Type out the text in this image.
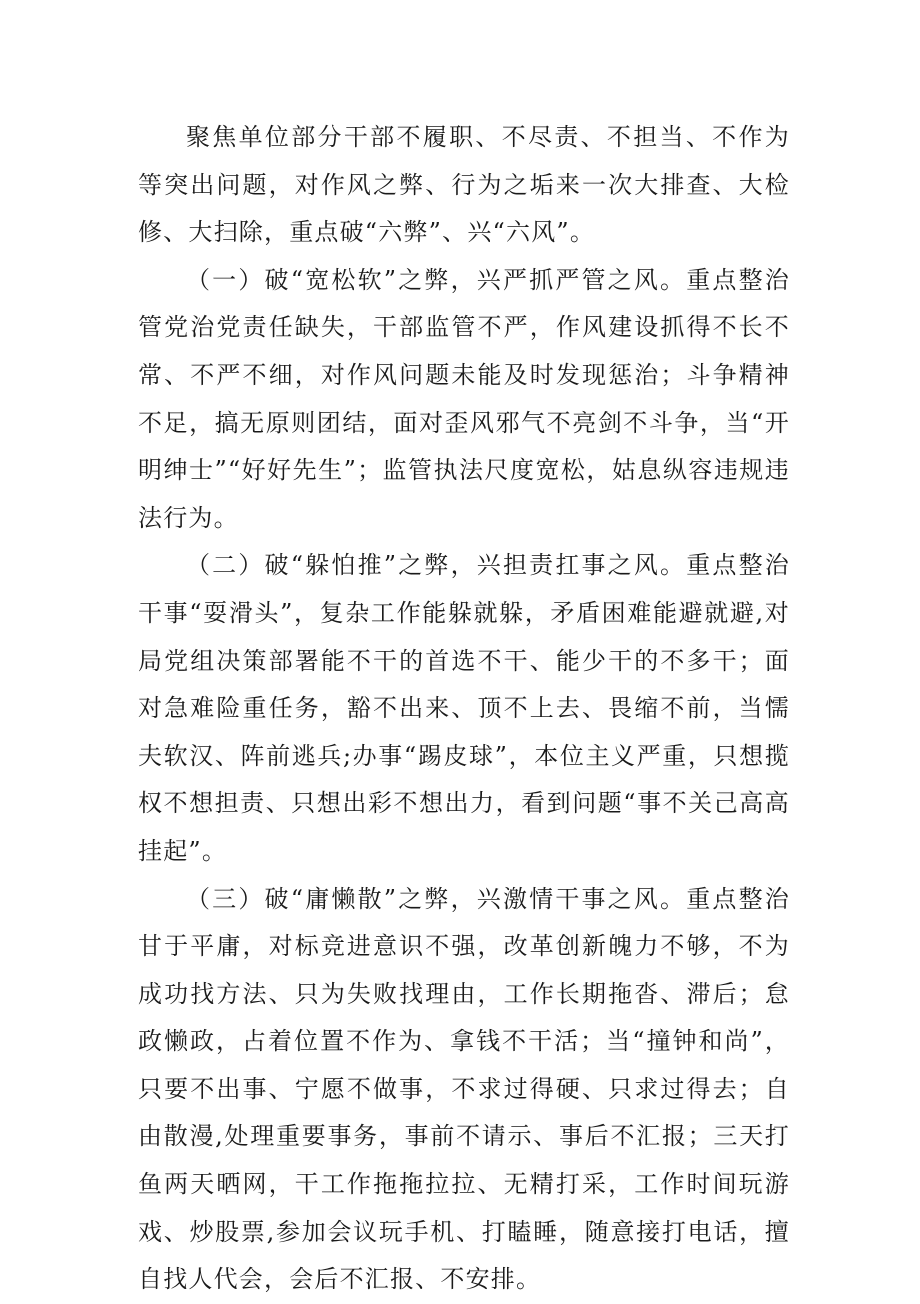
聚焦单位部分干部不履职、不尽责、不担当、不作为等突出问题，对作风之弊、行为之垢来一次大排查、大检修、大扫除，重点破“六弊”、兴“六风”。

（一）破“宽松软”之弊，兴严抓严管之风。重点整治管党治党责任缺失，干部监管不严，作风建设抓得不长不常、不严不细，对作风问题未能及时发现惩治；斗争精神不足，搞无原则团结，面对歪风邪气不亮剑不斗争，当“开明绅士”“好好先生”；监管执法尺度宽松，姑息纵容违规违法行为。

（二）破“躲怕推”之弊，兴担责扛事之风。重点整治干事“耍滑头”，复杂工作能躲就躲，矛盾困难能避就避,对局党组决策部署能不干的首选不干、能少干的不多干；面对急难险重任务，豁不出来、顶不上去、畏缩不前，当懦夫软汉、阵前逃兵;办事“踢皮球”，本位主义严重，只想揽权不想担责、只想出彩不想出力，看到问题“事不关己高高挂起”。

（三）破“庸懒散”之弊，兴激情干事之风。重点整治甘于平庸，对标竞进意识不强，改革创新魄力不够，不为成功找方法、只为失败找理由，工作长期拖沓、滞后；怠政懒政，占着位置不作为、拿钱不干活；当“撞钟和尚”，只要不出事、宁愿不做事，不求过得硬、只求过得去；自由散漫,处理重要事务，事前不请示、事后不汇报；三天打鱼两天晒网，干工作拖拖拉拉、无精打采，工作时间玩游戏、炒股票,参加会议玩手机、打瞌睡，随意接打电话，擅自找人代会，会后不汇报、不安排。
